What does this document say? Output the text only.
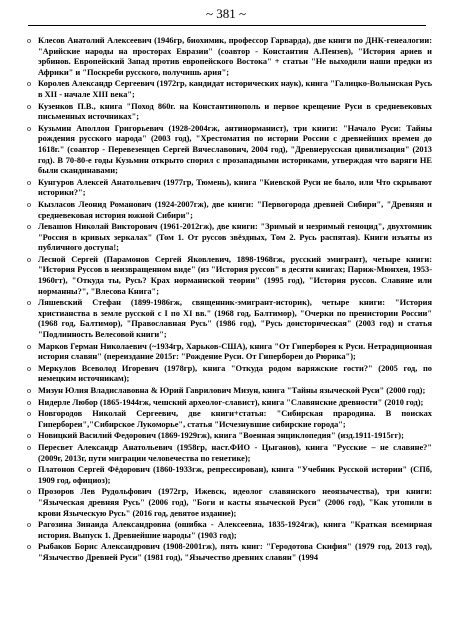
~ 381 ~
o Клесов Анатолий Алексеевич (1946гр, биохимик, профессор Гарварда), две книги по ДНК-генеалогии: "Арийские народы на просторах Евразии" (соавтор - Константин А.Пензев), "История ариев и эрбинов. Европейский Запад против европейского Востока" + статьи "Не выходили наши предки из Африки" и "Поскреби русского, получишь ария";
o Королев Александр Сергеевич (1972гр, кандидат исторических наук), книга "Галицко-Волынская Русь в XII - начале XIII века";
o Кузенков П.В., книга "Поход 860г. на Константинополь и первое крещение Руси в средневековых письменных источниках";
o Кузьмин Аполлон Григорьевич (1928-2004гж, антинорманист), три книги: "Начало Руси: Тайны рождения русского народа" (2003 год), "Хрестоматия по истории России с древнейших времен до 1618г." (соавтор - Перевезенцев Сергей Вячеславович, 2004 год), "Древнерусская цивилизация" (2013 год). В 70-80-е годы Кузьмин открыто спорил с прозападными историками, утверждая что варяги НЕ были скандинавами;
o Кунгуров Алексей Анатольевич (1977гр, Тюмень), книга "Киевской Руси не было, или Что скрывают историки?";
o Кызласов Леонид Романович (1924-2007гж), две книги: "Первогорода древней Сибири", "Древняя и средневековая история южной Сибири";
o Левашов Николай Викторович (1961-2012гж), две книги: "Зримый и незримый геноцид", двухтомник "Россия в кривых зеркалах" (Том 1. От руссов звёздных, Том 2. Русь распятая). Книги изъяты из публичного доступа!;
o Лесной Сергей (Парамонов Сергей Яковлевич, 1898-1968гж, русский эмигрант), четыре книги: "История Руссов в неизвращенном виде" (из "История руссов" в десяти книгах; Париж-Мюнхен, 1953-1960гт), "Откуда ты, Русь? Крах норманнской теории" (1995 год), "История руссов. Славяне или норманны?", "Влесова Книга";
o Ляшевский Стефан (1899-1986гж, священник-эмигрант-историк), четыре книги: "История христианства в земле русской с I по XI вв." (1968 год, Балтимор), "Очерки по пренистории России" (1968 год, Балтимор), "Православная Русь" (1986 год), "Русь доисторическая" (2003 год) и статья "Подлинность Велесовой книги";
o Марков Герман Николаевич (~1934гр, Харьков-США), книга "От Гиперборея к Руси. Нетрадиционная история славян" (переиздание 2015г: "Рождение Руси. От Гипербореи до Рюрика");
o Меркулов Всеволод Игоревич (1978гр), книга "Откуда родом варяжские гости?" (2005 год, по немецким источникам);
o Мизун Юлия Владиславовна & Юрий Гаврилович Мизун, книга "Тайны языческой Руси" (2000 год);
o Нидерле Любор (1865-1944гж, чешский археолог-славист), книга "Славянские древности" (2010 год);
o Новгородов Николай Сергеевич, две книги+статья: "Сибирская прародина. В поисках Гипербореи","Сибирское Лукоморье", статья "Исчезнувшие сибирские города";
o Новицкий Василий Федорович (1869-1929гж), книга "Военная энциклопедия" (изд.1911-1915гг);
o Пересвет Александр Анатольевич (1958гр, наст.ФИО - Цыганов), книга "Русские – не славяне?" (2009г, 2013г, пути миграции человечества по генетике);
o Платонов Сергей Фёдорович (1860-1933гж, репрессирован), книга "Учебник Русской истории" (СПб, 1909 год, официоз);
o Прозоров Лев Рудольфович (1972гр, Ижевск, идеолог славянского неоязычества), три книги: "Языческая древняя Русь" (2006 год), "Боги и касты языческой Руси" (2006 год), "Как утопили в крови Языческую Русь" (2016 год, девятое издание);
o Рагозина Зинаида Александровна (ошибка - Алексеевна, 1835-1924гж), книга "Краткая всемирная история. Выпуск 1. Древнейшие народы" (1903 год);
o Рыбаков Борис Александрович (1908-2001гж), пять книг: "Геродотова Скифия" (1979 год, 2013 год), "Язычество Древней Руси" (1981 год), "Язычество древних славян" (1994
